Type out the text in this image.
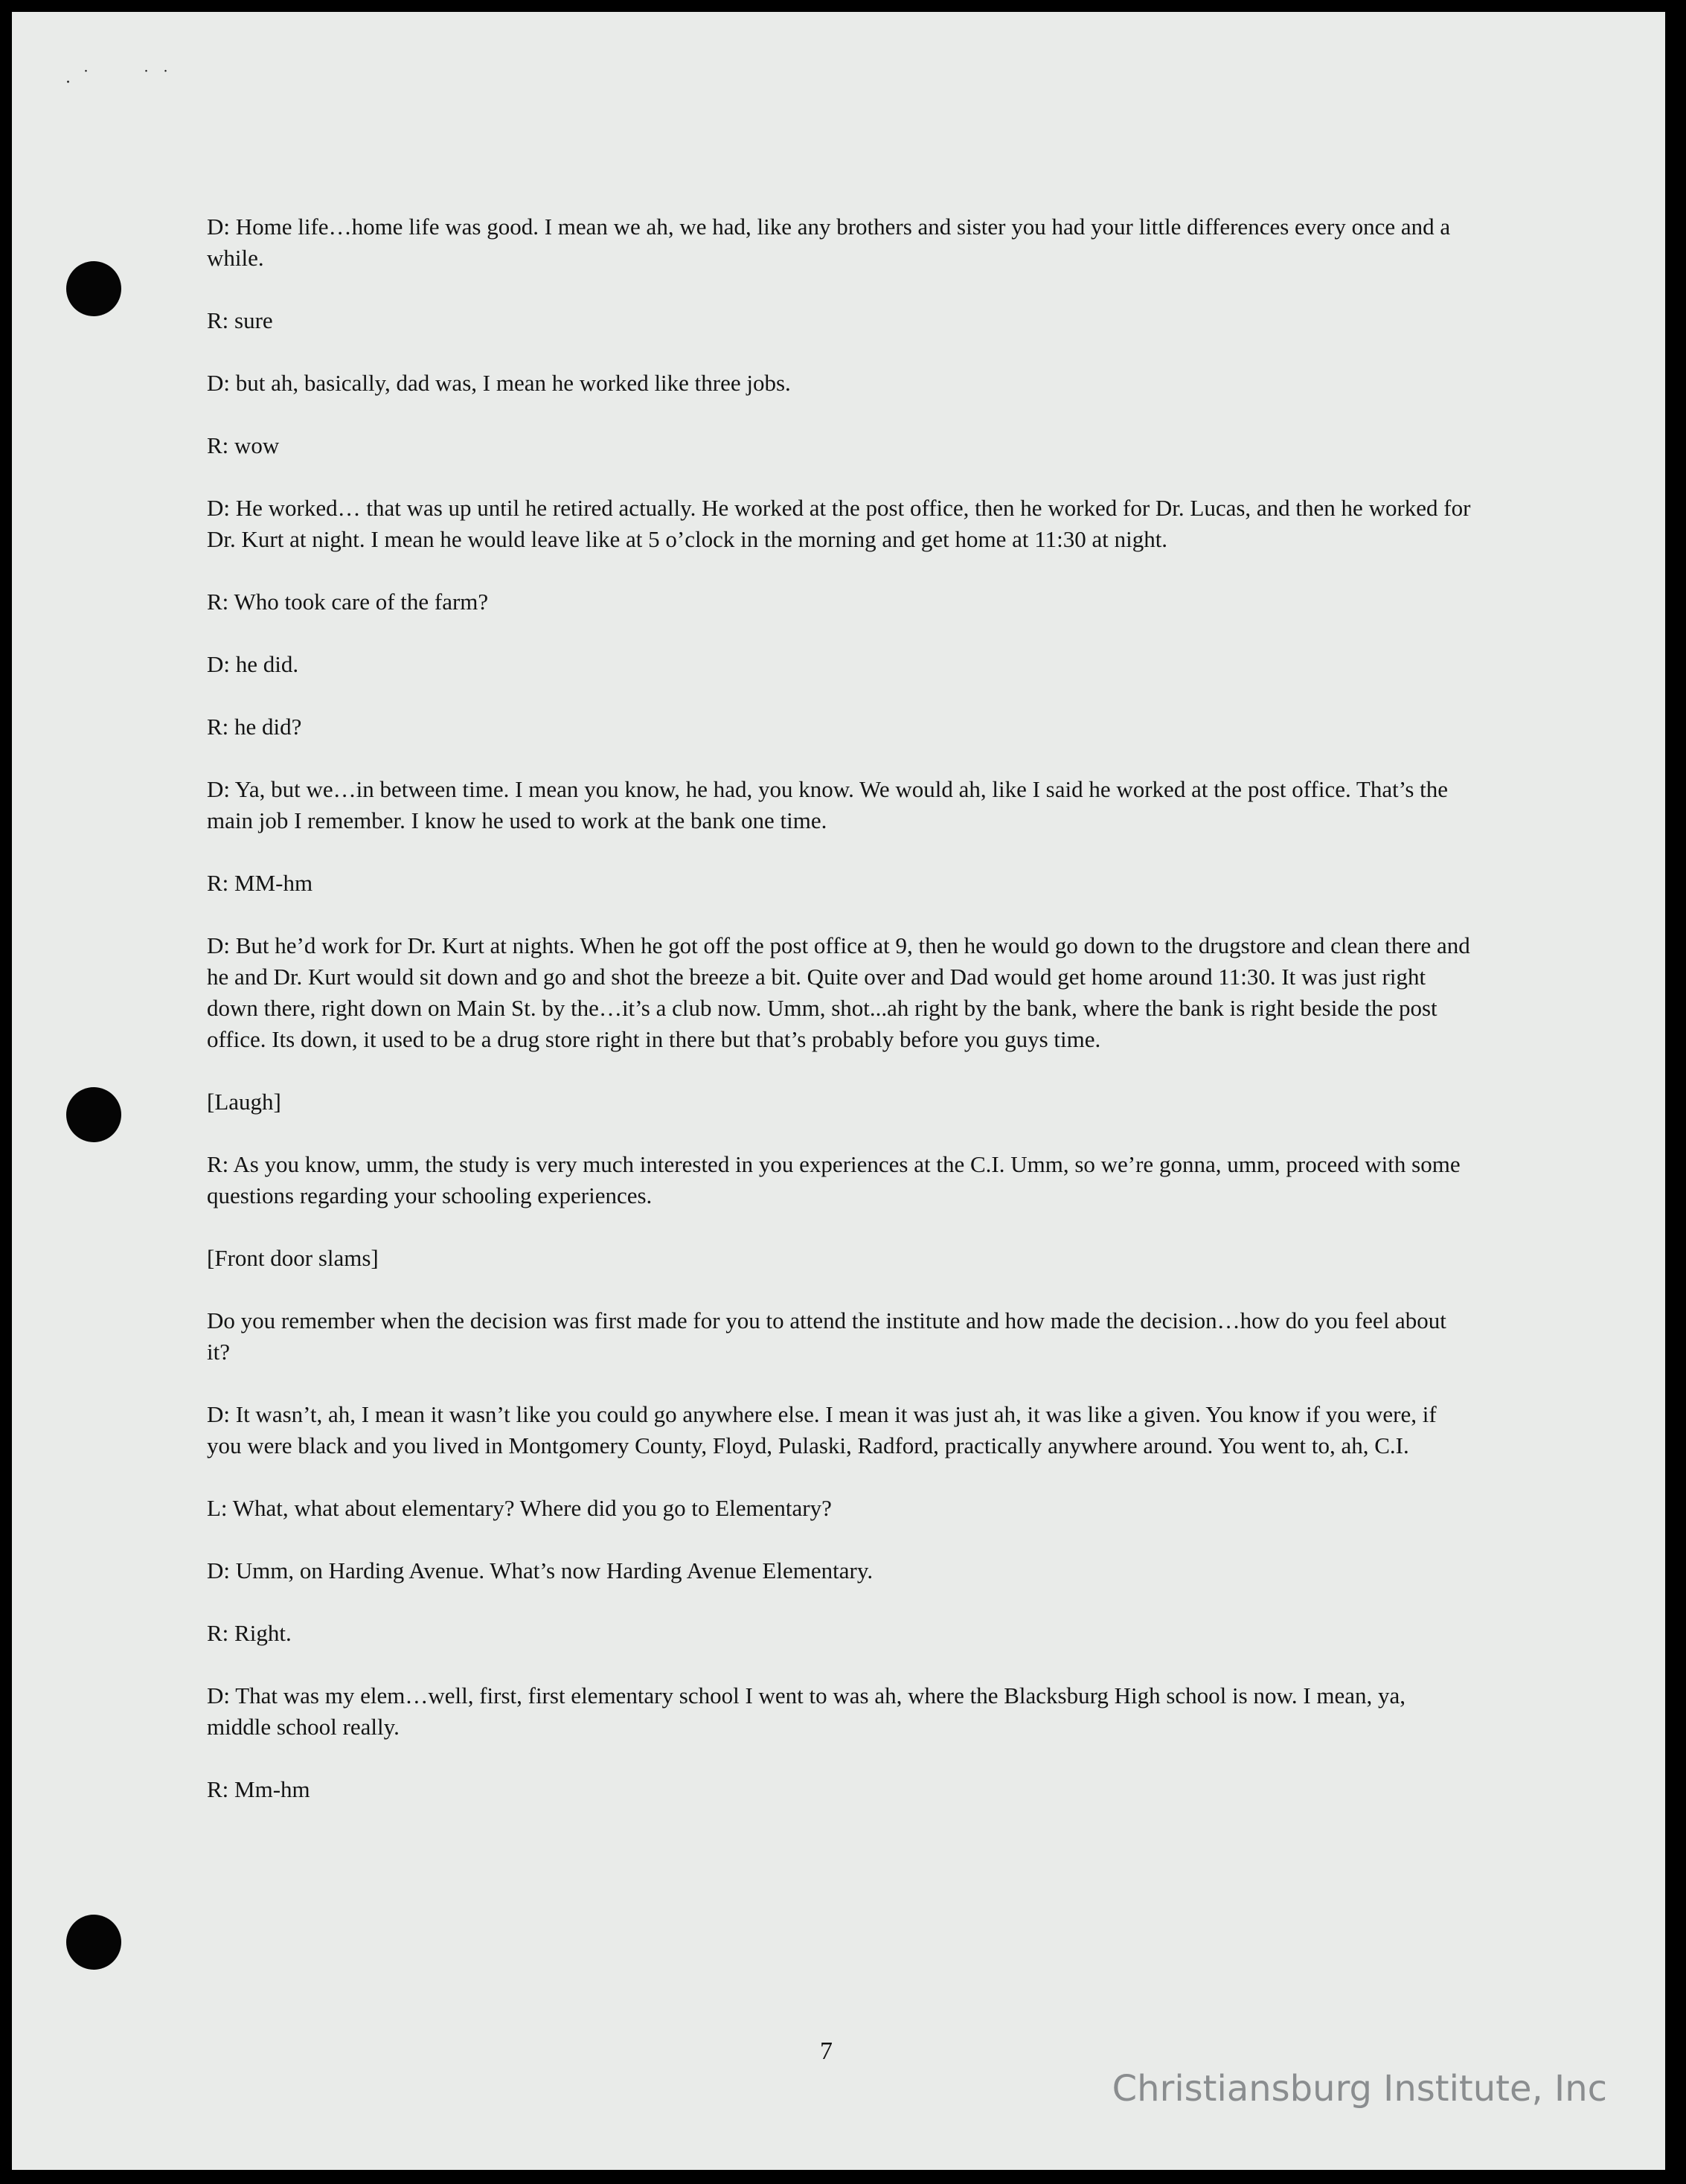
. ˙      ˙ ˙

D: Home life…home life was good. I mean we ah, we had, like any brothers and sister you had your little differences every once and a while.

R: sure

D: but ah, basically, dad was, I mean he worked like three jobs.

R: wow

D: He worked… that was up until he retired actually. He worked at the post office, then he worked for Dr. Lucas, and then he worked for Dr. Kurt at night. I mean he would leave like at 5 o’clock in the morning and get home at 11:30 at night.

R: Who took care of the farm?

D: he did.

R: he did?

D: Ya, but we…in between time. I mean you know, he had, you know. We would ah, like I said he worked at the post office. That’s the main job I remember. I know he used to work at the bank one time.

R: MM-hm

D: But he’d work for Dr. Kurt at nights. When he got off the post office at 9, then he would go down to the drugstore and clean there and he and Dr. Kurt would sit down and go and shot the breeze a bit. Quite over and Dad would get home around 11:30. It was just right down there, right down on Main St. by the…it’s a club now. Umm, shot...ah right by the bank, where the bank is right beside the post office. Its down, it used to be a drug store right in there but that’s probably before you guys time.

[Laugh]

R: As you know, umm, the study is very much interested in you experiences at the C.I. Umm, so we’re gonna, umm, proceed with some questions regarding your schooling experiences.

[Front door slams]

Do you remember when the decision was first made for you to attend the institute and how made the decision…how do you feel about it?

D: It wasn’t, ah, I mean it wasn’t like you could go anywhere else. I mean it was just ah, it was like a given. You know if you were, if you were black and you lived in Montgomery County, Floyd, Pulaski, Radford, practically anywhere around. You went to, ah, C.I.

L: What, what about elementary? Where did you go to Elementary?

D: Umm, on Harding Avenue. What’s now Harding Avenue Elementary.

R: Right.

D: That was my elem…well, first, first elementary school I went to was ah, where the Blacksburg High school is now. I mean, ya, middle school really.

R: Mm-hm

7
Christiansburg Institute, Inc
